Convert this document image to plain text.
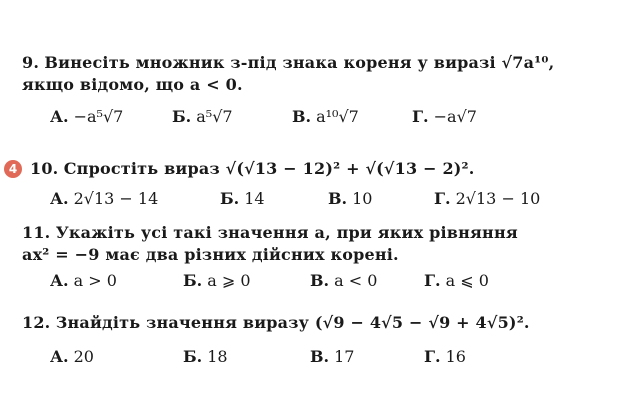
9. Винесіть множник з-під знака кореня у виразі √7a¹⁰,
якщо відомо, що a < 0.
А. −a⁵√7	Б. a⁵√7	В. a¹⁰√7	Г. −a√7
4 10. Спростіть вираз √(√13 − 12)² + √(√13 − 2)².
А. 2√13 − 14	Б. 14	В. 10	Г. 2√13 − 10
11. Укажіть усі такі значення a, при яких рівняння
ax² = −9 має два різних дійсних корені.
А. a > 0	Б. a ⩾ 0	В. a < 0	Г. a ⩽ 0
12. Знайдіть значення виразу (√9 − 4√5 − √9 + 4√5)².
А. 20	Б. 18	В. 17	Г. 16
